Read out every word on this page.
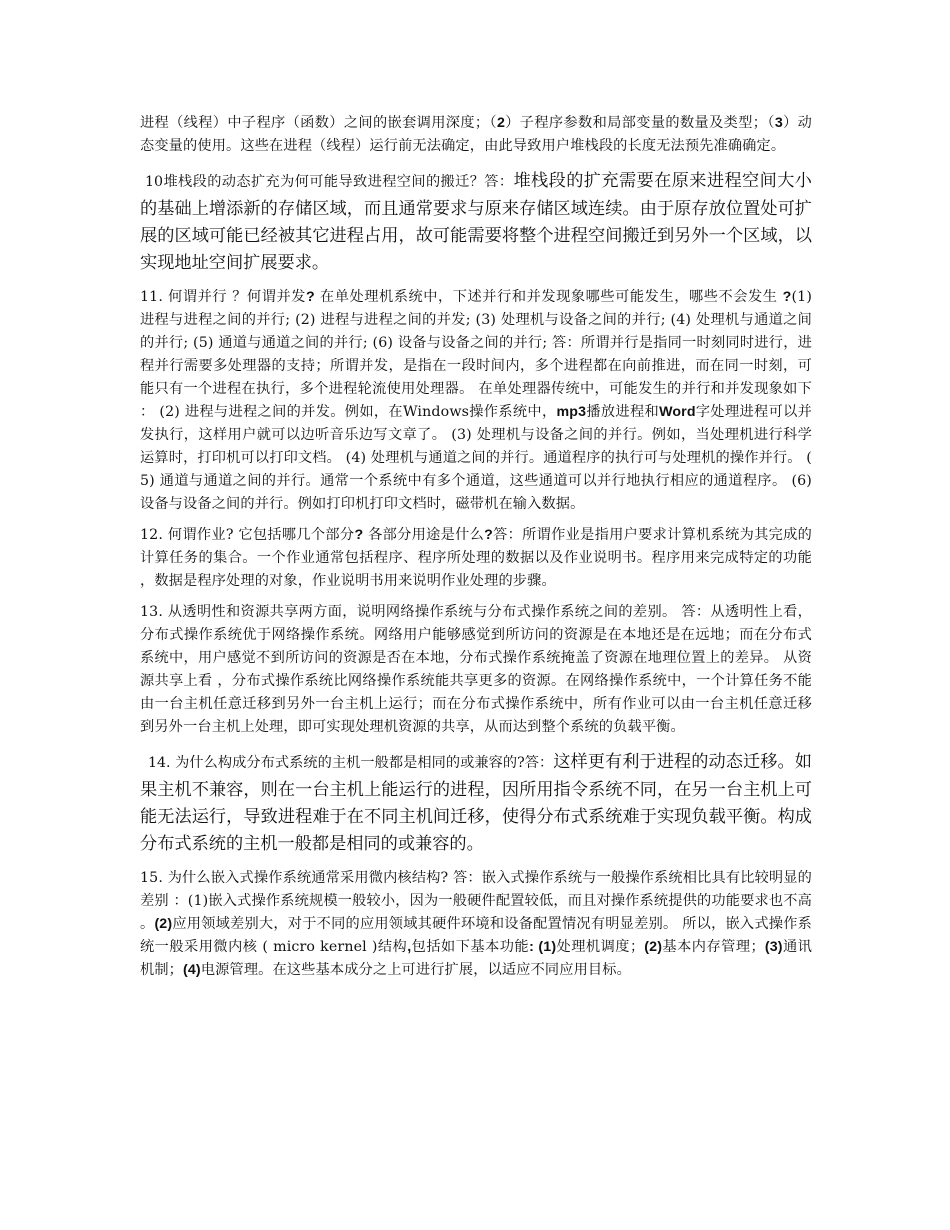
进程（线程）中子程序（函数）之间的嵌套调用深度；（2）子程序参数和局部变量的数量及类型；（3）动态变量的使用。这些在进程（线程）运行前无法确定，由此导致用户堆栈段的长度无法预先准确确定。

10堆栈段的动态扩充为何可能导致进程空间的搬迁？答：堆栈段的扩充需要在原来进程空间大小的基础上增添新的存储区域，而且通常要求与原来存储区域连续。由于原存放位置处可扩展的区域可能已经被其它进程占用，故可能需要将整个进程空间搬迁到另外一个区域，以实现地址空间扩展要求。

11. 何谓并行 ？何谓并发? 在单处理机系统中，下述并行和并发现象哪些可能发生，哪些不会发生 ?(1) 进程与进程之间的并行; (2) 进程与进程之间的并发; (3) 处理机与设备之间的并行; (4) 处理机与通道之间的并行; (5) 通道与通道之间的并行; (6) 设备与设备之间的并行; 答：所谓并行是指同一时刻同时进行，进程并行需要多处理器的支持；所谓并发，是指在一段时间内，多个进程都在向前推进，而在同一时刻，可能只有一个进程在执行，多个进程轮流使用处理器。 在单处理器传统中，可能发生的并行和并发现象如下： (2) 进程与进程之间的并发。例如，在Windows操作系统中，mp3播放进程和Word字处理进程可以并发执行，这样用户就可以边听音乐边写文章了。 (3) 处理机与设备之间的并行。例如，当处理机进行科学运算时，打印机可以打印文档。 (4) 处理机与通道之间的并行。通道程序的执行可与处理机的操作并行。 (5) 通道与通道之间的并行。通常一个系统中有多个通道，这些通道可以并行地执行相应的通道程序。 (6) 设备与设备之间的并行。例如打印机打印文档时，磁带机在输入数据。

12. 何谓作业? 它包括哪几个部分? 各部分用途是什么?答：所谓作业是指用户要求计算机系统为其完成的计算任务的集合。一个作业通常包括程序、程序所处理的数据以及作业说明书。程序用来完成特定的功能，数据是程序处理的对象，作业说明书用来说明作业处理的步骤。

13. 从透明性和资源共享两方面，说明网络操作系统与分布式操作系统之间的差别。 答：从透明性上看，分布式操作系统优于网络操作系统。网络用户能够感觉到所访问的资源是在本地还是在远地；而在分布式系统中，用户感觉不到所访问的资源是否在本地，分布式操作系统掩盖了资源在地理位置上的差异。 从资源共享上看 ，分布式操作系统比网络操作系统能共享更多的资源。在网络操作系统中，一个计算任务不能由一台主机任意迁移到另外一台主机上运行；而在分布式操作系统中，所有作业可以由一台主机任意迁移到另外一台主机上处理，即可实现处理机资源的共享，从而达到整个系统的负载平衡。

14. 为什么构成分布式系统的主机一般都是相同的或兼容的?答：这样更有利于进程的动态迁移。如果主机不兼容，则在一台主机上能运行的进程，因所用指令系统不同，在另一台主机上可能无法运行，导致进程难于在不同主机间迁移，使得分布式系统难于实现负载平衡。构成分布式系统的主机一般都是相同的或兼容的。

15. 为什么嵌入式操作系统通常采用微内核结构? 答：嵌入式操作系统与一般操作系统相比具有比较明显的差别 ：(1)嵌入式操作系统规模一般较小，因为一般硬件配置较低，而且对操作系统提供的功能要求也不高。(2)应用领域差别大，对于不同的应用领域其硬件环境和设备配置情况有明显差别。 所以，嵌入式操作系统一般采用微内核 ( micro kernel )结构,包括如下基本功能: (1)处理机调度；(2)基本内存管理；(3)通讯机制；(4)电源管理。在这些基本成分之上可进行扩展，以适应不同应用目标。
